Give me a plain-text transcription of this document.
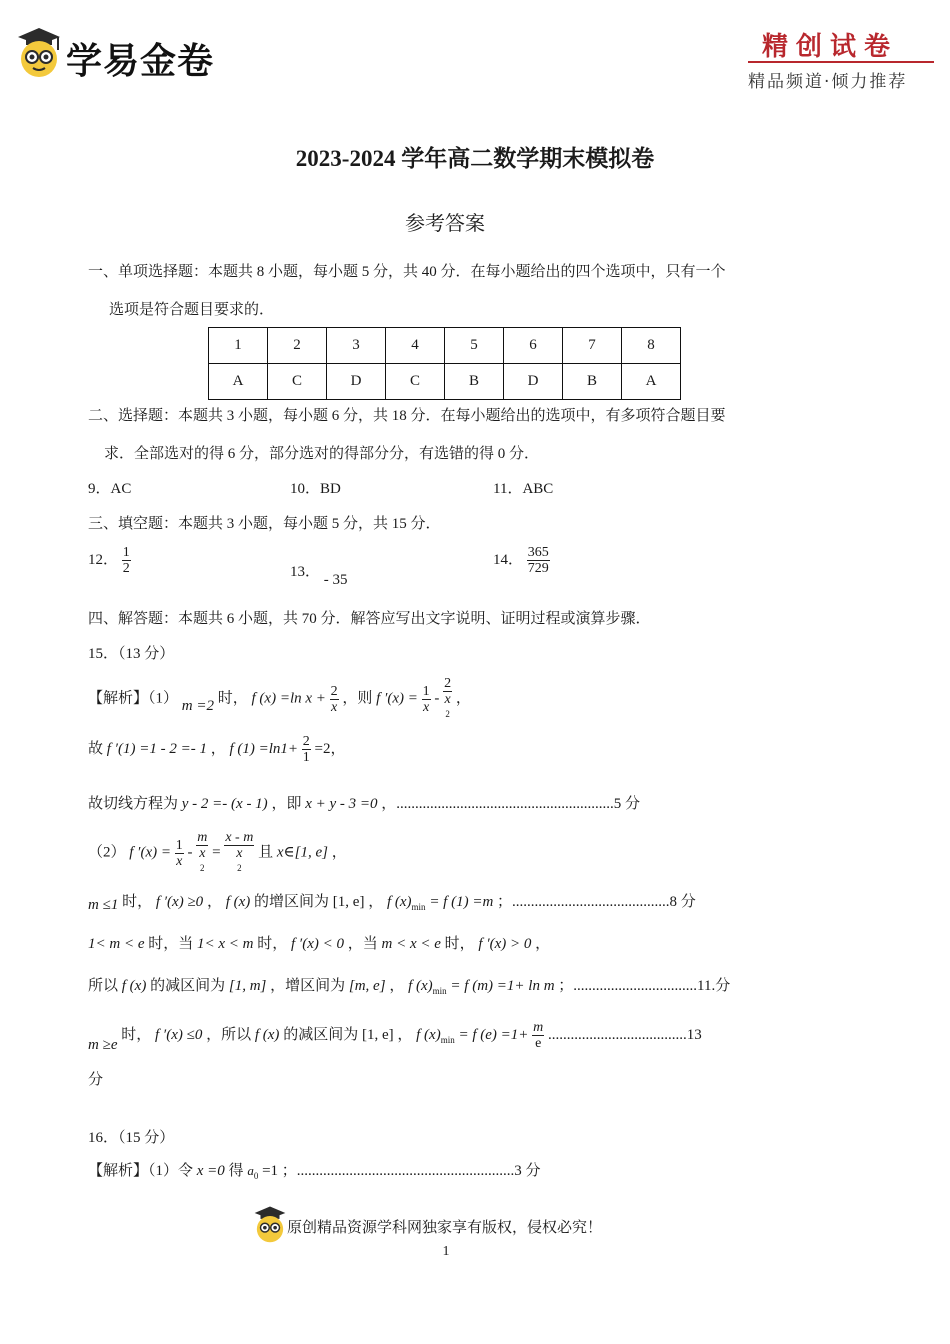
学易金卷	精创试卷
精品频道·倾力推荐
2023-2024 学年高二数学期末模拟卷
参考答案
一、单项选择题：本题共 8 小题，每小题 5 分，共 40 分．在每小题给出的四个选项中，只有一个
选项是符合题目要求的．
1	2	3	4	5	6	7	8
A	C	D	C	B	D	B	A
二、选择题：本题共 3 小题，每小题 6 分，共 18 分．在每小题给出的选项中，有多项符合题目要
求．全部选对的得 6 分，部分选对的得部分分，有选错的得 0 分．
9．AC	10．BD	11．ABC
三、填空题：本题共 3 小题，每小题 5 分，共 15 分．
12． $\frac{1}{2}$	13． - 35
14． $\frac{365}{729}$
四、解答题：本题共 6 小题，共 70 分．解答应写出文字说明、证明过程或演算步骤．
15．（13 分）
【解析】（1） m =2 时， f (x) =ln $x + \frac{2}{x}$ ，则 f $'(x) = \frac{1}{x} - 2$
x
2 ，
故 f ′(1) =1 - 2 =- 1 ， f $(1) =\ln 1+ \frac{2}{1} =2$，
故切线方程为 y - 2 =- (x - 1) ，即 x + y - 3 =0 ，..........................................................5 分
（2） f $'(x) = \frac{1}{x} - m$
x
2 = x - m
x
2 且 x∈[1, e] ，
m ≤1 时， f ′(x) ≥0 ， f (x) 的增区间为 [1, e] ， f $(x)_{min} = f$ (1) =m ；..........................................8 分
1< m < e 时，当 1< x < m 时， f ′(x) < 0 ，当 m < x < e 时， f ′(x) > 0 ，
所以 f (x) 的减区间为 [1, m] ，增区间为 [m, e] ， f $(x)_{min} = f$ (m) =1+ ln m ；.................................11.分
m ≥e 时， f ′(x) ≤0 ，所以 f (x) 的减区间为 [1, e] ， f $(x)_{min} = f$ $(e) =1+ \frac{m}{e} .....................................13$
分
16．（15 分）
【解析】（1）令 x =0 得 $a_0 =1$ ；..........................................................3 分
原创精品资源学科网独家享有版权，侵权必究！
1
